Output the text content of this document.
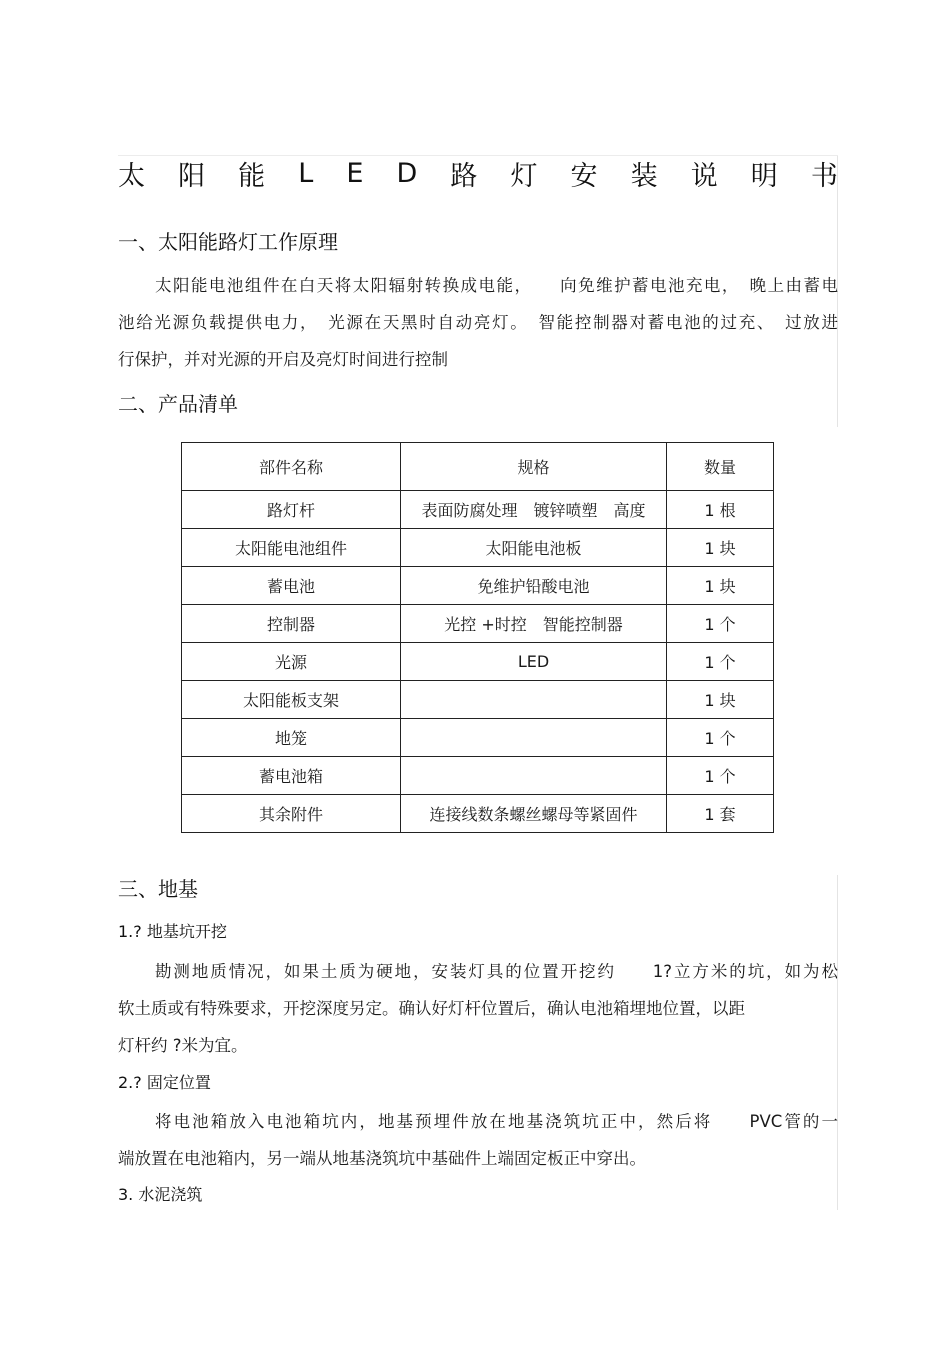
太 阳 能 L E D 路 灯 安 装 说 明 书
一、太阳能路灯工作原理
太阳能电池组件在白天将太阳辐射转换成电能，　　向免维护蓄电池充电，　晚上由蓄电
池给光源负载提供电力，　光源在天黑时自动亮灯。　智能控制器对蓄电池的过充、　过放进
行保护，并对光源的开启及亮灯时间进行控制
二、产品清单
部件名称	规格	数量
路灯杆	表面防腐处理　镀锌喷塑　高度	1 根
太阳能电池组件	太阳能电池板	1 块
蓄电池	免维护铅酸电池	1 块
控制器	光控 +时控　智能控制器	1 个
光源	LED	1 个
太阳能板支架		1 块
地笼		1 个
蓄电池箱		1 个
其余附件	连接线数条螺丝螺母等紧固件	1 套
三、地基
1.? 地基坑开挖
勘测地质情况，如果土质为硬地，安装灯具的位置开挖约　　1?立方米的坑，如为松
软土质或有特殊要求，开挖深度另定。确认好灯杆位置后，确认电池箱埋地位置，以距
灯杆约 ?米为宜。
2.? 固定位置
将电池箱放入电池箱坑内，地基预埋件放在地基浇筑坑正中，然后将　　PVC管的一
端放置在电池箱内，另一端从地基浇筑坑中基础件上端固定板正中穿出。
3. 水泥浇筑
